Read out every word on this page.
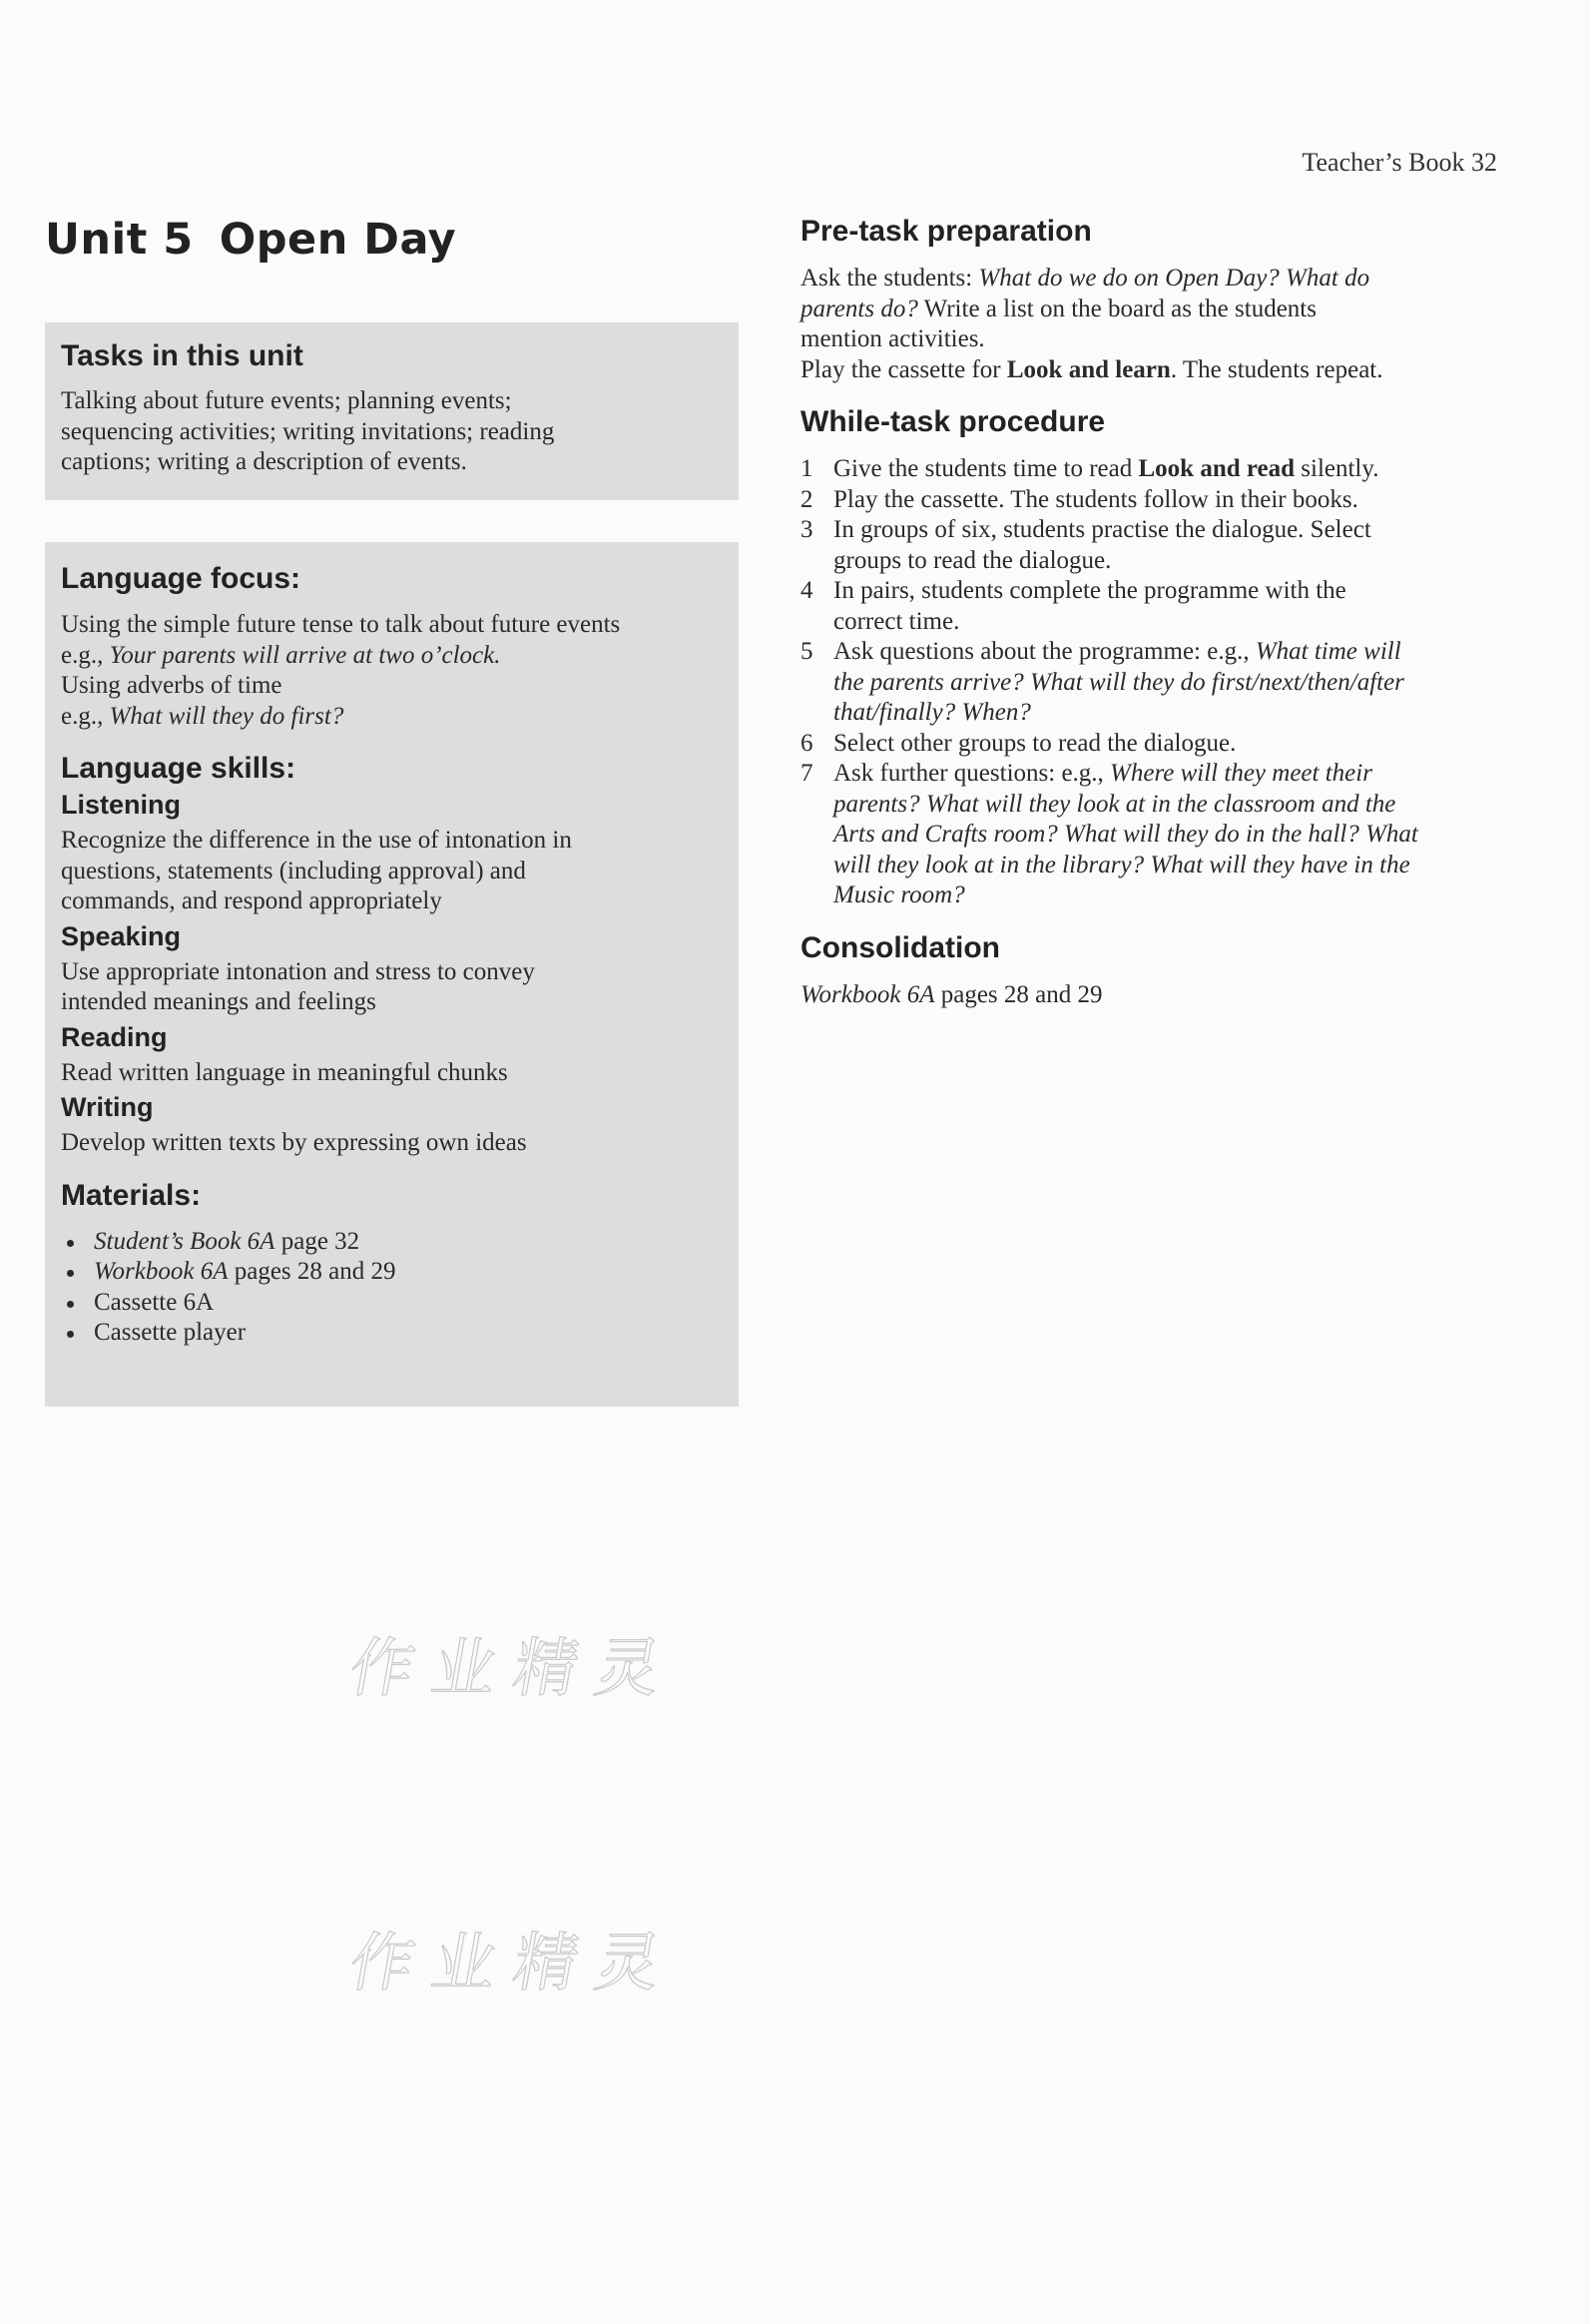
Teacher’s Book 32
Unit 5 Open Day
Tasks in this unit

Talking about future events; planning events;
sequencing activities; writing invitations; reading
captions; writing a description of events.

Language focus:

Using the simple future tense to talk about future events
e.g., Your parents will arrive at two o’clock.
Using adverbs of time
e.g., What will they do first?

Language skills:
Listening

Recognize the difference in the use of intonation in
questions, statements (including approval) and
commands, and respond appropriately

Speaking

Use appropriate intonation and stress to convey
intended meanings and feelings

Reading

Read written language in meaningful chunks

Writing

Develop written texts by expressing own ideas

Materials:
Student’s Book 6A page 32
Workbook 6A pages 28 and 29
Cassette 6A
Cassette player
Pre-task preparation

Ask the students: What do we do on Open Day? What do
parents do? Write a list on the board as the students
mention activities.
Play the cassette for Look and learn. The students repeat.

While-task procedure
1 Give the students time to read Look and read silently.
2 Play the cassette. The students follow in their books.
3 In groups of six, students practise the dialogue. Select
groups to read the dialogue.
4 In pairs, students complete the programme with the
correct time.
5 Ask questions about the programme: e.g., What time will
the parents arrive? What will they do first/next/then/after
that/finally? When?
6 Select other groups to read the dialogue.
7 Ask further questions: e.g., Where will they meet their
parents? What will they look at in the classroom and the
Arts and Crafts room? What will they do in the hall? What
will they look at in the library? What will they have in the
Music room?
Consolidation

Workbook 6A pages 28 and 29

作业精灵
作业精灵
